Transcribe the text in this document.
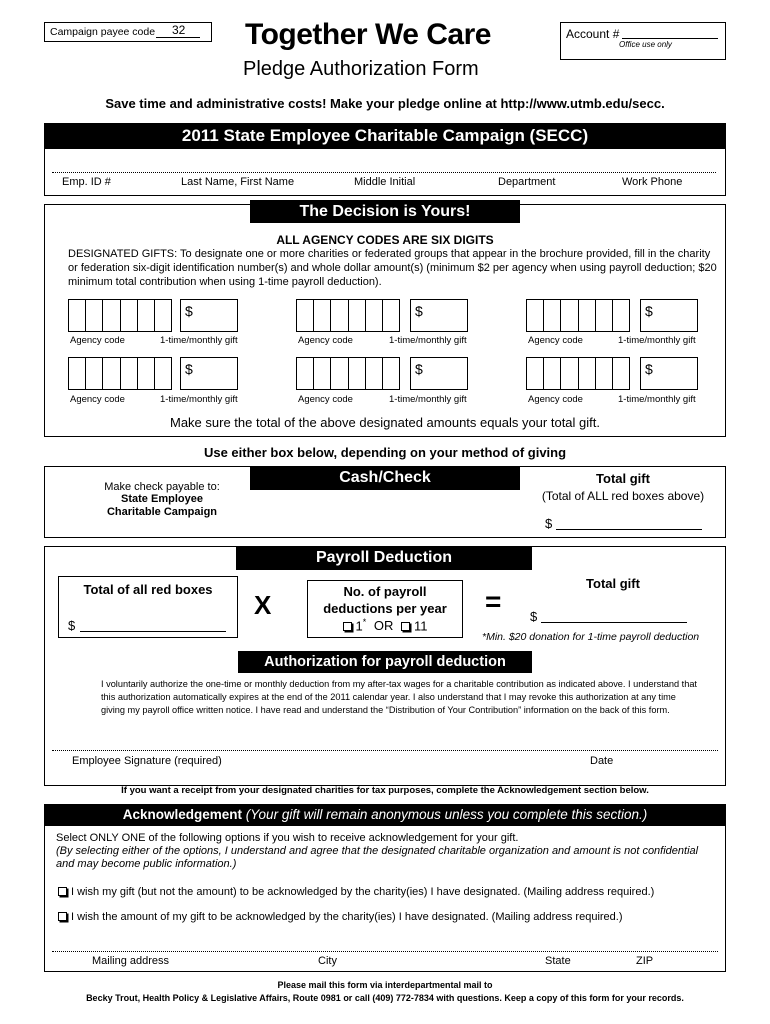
Campaign payee code 32 Together We Care
Pledge Authorization Form
Account #
Office use only
Save time and administrative costs! Make your pledge online at http://www.utmb.edu/secc.
2011 State Employee Charitable Campaign (SECC)
Emp. ID #	Last Name, First Name	Middle Initial	Department	Work Phone
The Decision is Yours!
ALL AGENCY CODES ARE SIX DIGITS
DESIGNATED GIFTS: To designate one or more charities or federated groups that appear in the brochure provided, fill in the charity or federation six-digit identification number(s) and whole dollar amount(s) (minimum $2 per agency when using payroll deduction; $20 minimum total contribution when using 1-time payroll deduction).
$	$	$
Agency code	1-time/monthly gift	Agency code	1-time/monthly gift	Agency code	1-time/monthly gift
$	$	$
Agency code	1-time/monthly gift	Agency code	1-time/monthly gift	Agency code	1-time/monthly gift
Make sure the total of the above designated amounts equals your total gift.
Use either box below, depending on your method of giving
Cash/Check
Make check payable to:
State Employee
Charitable Campaign
Total gift
(Total of ALL red boxes above)
$
Payroll Deduction
Total of all red boxes
$
X	No. of payroll
deductions per year
1* OR 11
=
Total gift
$
*Min. $20 donation for 1-time payroll deduction
Authorization for payroll deduction
I voluntarily authorize the one-time or monthly deduction from my after-tax wages for a charitable contribution as indicated above. I understand that this authorization automatically expires at the end of the 2011 calendar year. I also understand that I may revoke this authorization at any time giving my payroll office written notice. I have read and understand the “Distribution of Your Contribution” information on the back of this form.
Employee Signature (required)	Date
If you want a receipt from your designated charities for tax purposes, complete the Acknowledgement section below.
Acknowledgement (Your gift will remain anonymous unless you complete this section.)
Select ONLY ONE of the following options if you wish to receive acknowledgement for your gift.
(By selecting either of the options, I understand and agree that the designated charitable organization and amount is not confidential and may become public information.)
I wish my gift (but not the amount) to be acknowledged by the charity(ies) I have designated. (Mailing address required.)
I wish the amount of my gift to be acknowledged by the charity(ies) I have designated. (Mailing address required.)
Mailing address	City	State	ZIP
Please mail this form via interdepartmental mail to
Becky Trout, Health Policy & Legislative Affairs, Route 0981 or call (409) 772-7834 with questions. Keep a copy of this form for your records.
